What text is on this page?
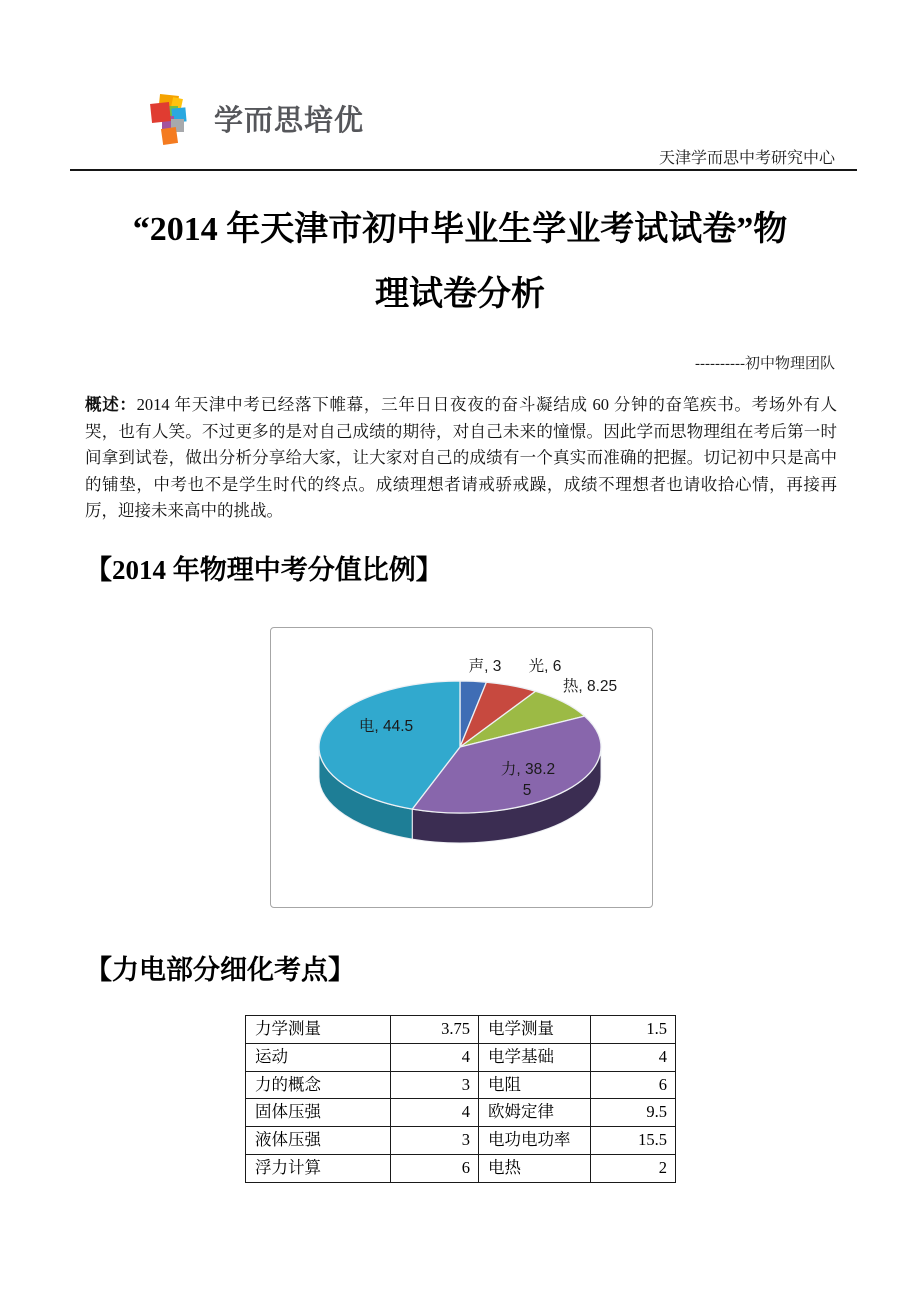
学而思培优
天津学而思中考研究中心
“2014 年天津市初中毕业生学业考试试卷”物
理试卷分析
----------初中物理团队

概述：2014 年天津中考已经落下帷幕，三年日日夜夜的奋斗凝结成 60 分钟的奋笔疾书。考场外有人哭，也有人笑。不过更多的是对自己成绩的期待，对自己未来的憧憬。因此学而思物理组在考后第一时间拿到试卷，做出分析分享给大家，让大家对自己的成绩有一个真实而准确的把握。切记初中只是高中的铺垫，中考也不是学生时代的终点。成绩理想者请戒骄戒躁，成绩不理想者也请收拾心情，再接再厉，迎接未来高中的挑战。

【2014 年物理中考分值比例】
声, 3 光, 6
热, 8.25
电, 44.5
力, 38.2
5
【力电部分细化考点】
力学测量	3.75	电学测量	1.5
运动	4	电学基础	4
力的概念	3	电阻	6
固体压强	4	欧姆定律	9.5
液体压强	3	电功电功率	15.5
浮力计算	6	电热	2
